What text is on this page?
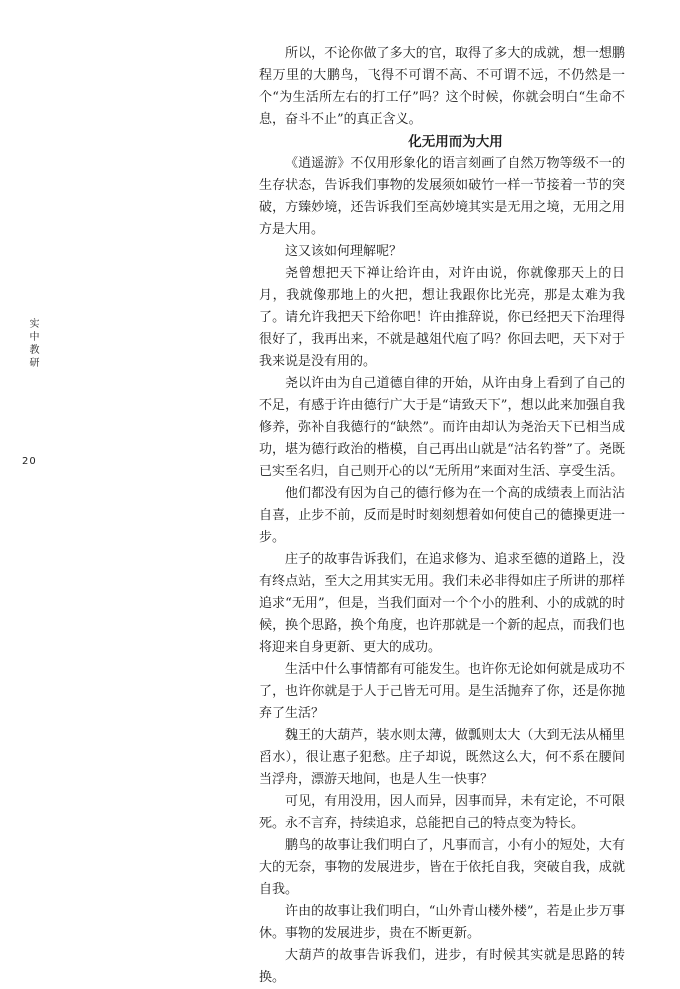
实中教研
20

所以，不论你做了多大的官，取得了多大的成就，想一想鹏程万里的大鹏鸟，飞得不可谓不高、不可谓不远，不仍然是一个“为生活所左右的打工仔”吗？这个时候，你就会明白“生命不息，奋斗不止”的真正含义。

化无用而为大用

《逍遥游》不仅用形象化的语言刻画了自然万物等级不一的生存状态，告诉我们事物的发展须如破竹一样一节接着一节的突破，方臻妙境，还告诉我们至高妙境其实是无用之境，无用之用方是大用。

这又该如何理解呢？

尧曾想把天下禅让给许由，对许由说，你就像那天上的日月，我就像那地上的火把，想让我跟你比光亮，那是太难为我了。请允许我把天下给你吧！许由推辞说，你已经把天下治理得很好了，我再出来，不就是越俎代庖了吗？你回去吧，天下对于我来说是没有用的。

尧以许由为自己道德自律的开始，从许由身上看到了自己的不足，有感于许由德行广大于是“请致天下”，想以此来加强自我修养，弥补自我德行的“缺然”。而许由却认为尧治天下已相当成功，堪为德行政治的楷模，自己再出山就是“沽名钓誉”了。尧既已实至名归，自己则开心的以“无所用”来面对生活、享受生活。

他们都没有因为自己的德行修为在一个高的成绩表上而沾沾自喜，止步不前，反而是时时刻刻想着如何使自己的德操更进一步。

庄子的故事告诉我们，在追求修为、追求至德的道路上，没有终点站，至大之用其实无用。我们未必非得如庄子所讲的那样追求“无用”，但是，当我们面对一个个小的胜利、小的成就的时候，换个思路，换个角度，也许那就是一个新的起点，而我们也将迎来自身更新、更大的成功。

生活中什么事情都有可能发生。也许你无论如何就是成功不了，也许你就是于人于己皆无可用。是生活抛弃了你，还是你抛弃了生活？

魏王的大葫芦，装水则太薄，做瓢则太大（大到无法从桶里舀水），很让惠子犯愁。庄子却说，既然这么大，何不系在腰间当浮舟，漂游天地间，也是人生一快事？

可见，有用没用，因人而异，因事而异，未有定论，不可限死。永不言弃，持续追求，总能把自己的特点变为特长。

鹏鸟的故事让我们明白了，凡事而言，小有小的短处，大有大的无奈，事物的发展进步，皆在于依托自我，突破自我，成就自我。

许由的故事让我们明白，“山外青山楼外楼”，若是止步万事休。事物的发展进步，贵在不断更新。

大葫芦的故事告诉我们，进步，有时候其实就是思路的转换。
